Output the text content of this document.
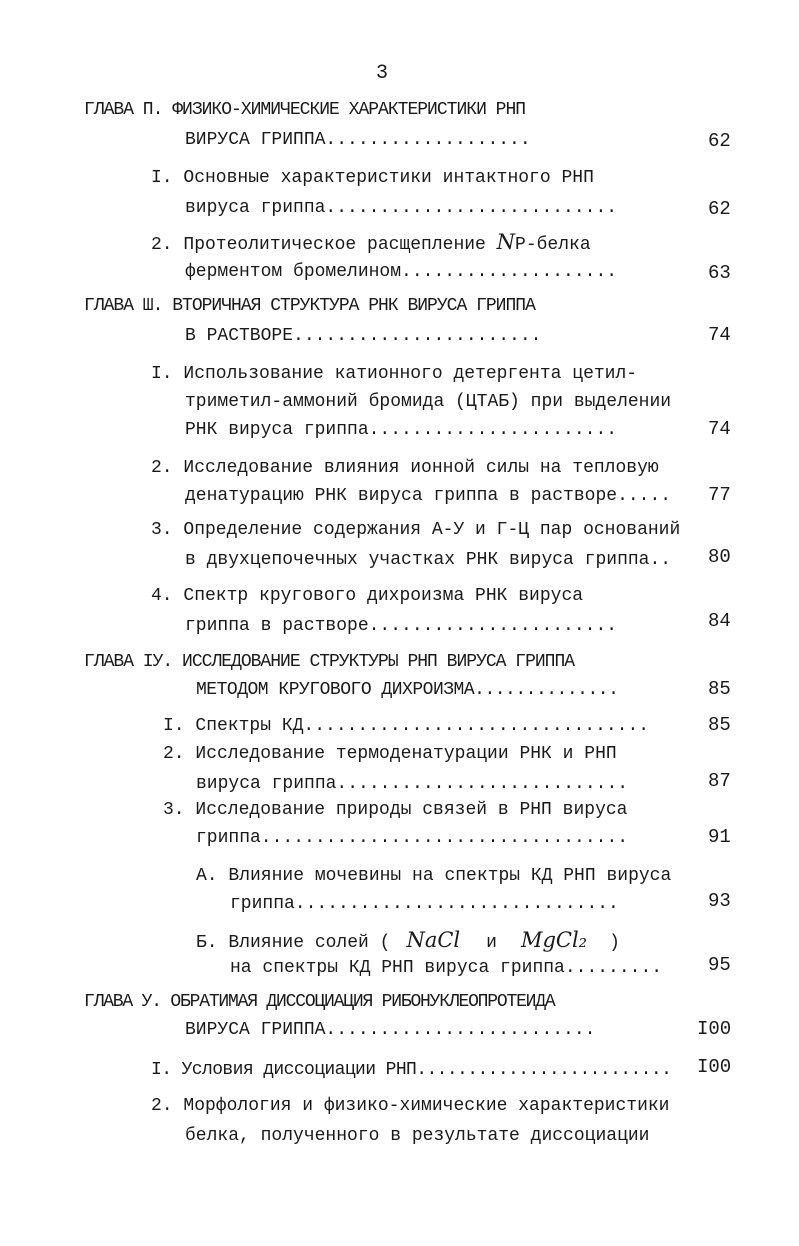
3
ГЛАВА П. ФИЗИКО-ХИМИЧЕСКИЕ ХАРАКТЕРИСТИКИ РНП
ВИРУСА ГРИППА...................	62
I. Основные характеристики интактного РНП
вируса гриппа...........................	62
2. Протеолитическое расщепление NP-белка
ферментом бромелином....................	63
ГЛАВА Ш. ВТОРИЧНАЯ СТРУКТУРА РНК ВИРУСА ГРИППА
В РАСТВОРЕ.......................	74
I. Использование катионного детергента цетил-
триметил-аммоний бромида (ЦТАБ) при выделении
РНК вируса гриппа.......................	74
2. Исследование влияния ионной силы на тепловую
денатурацию РНК вируса гриппа в растворе..... 77
3. Определение содержания А-У и Г-Ц пар оснований
в двухцепочечных участках РНК вируса гриппа.. 80
4. Спектр кругового дихроизма РНК вируса
гриппа в растворе.......................	84
ГЛАВА IУ. ИССЛЕДОВАНИЕ СТРУКТУРЫ РНП ВИРУСА ГРИППА
МЕТОДОМ КРУГОВОГО ДИХРОИЗМА..............	85
I. Спектры КД................................	85
2. Исследование термоденатурации РНК и РНП
вируса гриппа...........................	87
3. Исследование природы связей в РНП вируса
гриппа..................................	91
А. Влияние мочевины на спектры КД РНП вируса
гриппа..............................	93
Б. Влияние солей ( NaCl и MgCl₂ )
на спектры КД РНП вируса гриппа......... 95
ГЛАВА У. ОБРАТИМАЯ ДИССОЦИАЦИЯ РИБОНУКЛЕОПРОТЕИДА
ВИРУСА ГРИППА.........................	I00
I. Условия диссоциации РНП......................... I00
2. Морфология и физико-химические характеристики
белка, полученного в результате диссоциации
